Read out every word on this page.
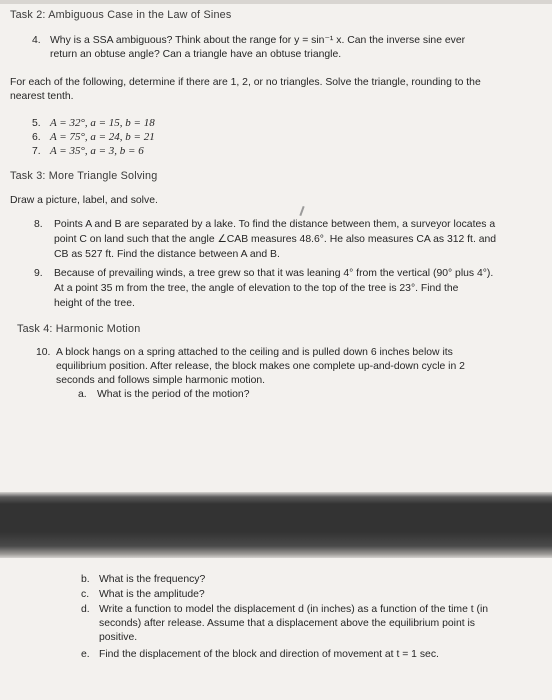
Task 2: Ambiguous Case in the Law of Sines
4. Why is a SSA ambiguous? Think about the range for y = sin⁻¹ x. Can the inverse sine ever
return an obtuse angle? Can a triangle have an obtuse triangle.
For each of the following, determine if there are 1, 2, or no triangles. Solve the triangle, rounding to the
nearest tenth.
5. A = 32°, a = 15, b = 18
6. A = 75°, a = 24, b = 21
7. A = 35°, a = 3, b = 6
Task 3: More Triangle Solving
Draw a picture, label, and solve.
8. Points A and B are separated by a lake. To find the distance between them, a surveyor locates a
point C on land such that the angle ∠CAB measures 48.6°. He also measures CA as 312 ft. and
CB as 527 ft. Find the distance between A and B.
9. Because of prevailing winds, a tree grew so that it was leaning 4° from the vertical (90° plus 4°).
At a point 35 m from the tree, the angle of elevation to the top of the tree is 23°. Find the
height of the tree.
Task 4: Harmonic Motion
10. A block hangs on a spring attached to the ceiling and is pulled down 6 inches below its
equilibrium position. After release, the block makes one complete up-and-down cycle in 2
seconds and follows simple harmonic motion.
a. What is the period of the motion?
b. What is the frequency?
c. What is the amplitude?
d. Write a function to model the displacement d (in inches) as a function of the time t (in
seconds) after release. Assume that a displacement above the equilibrium point is
positive.
e. Find the displacement of the block and direction of movement at t = 1 sec.
